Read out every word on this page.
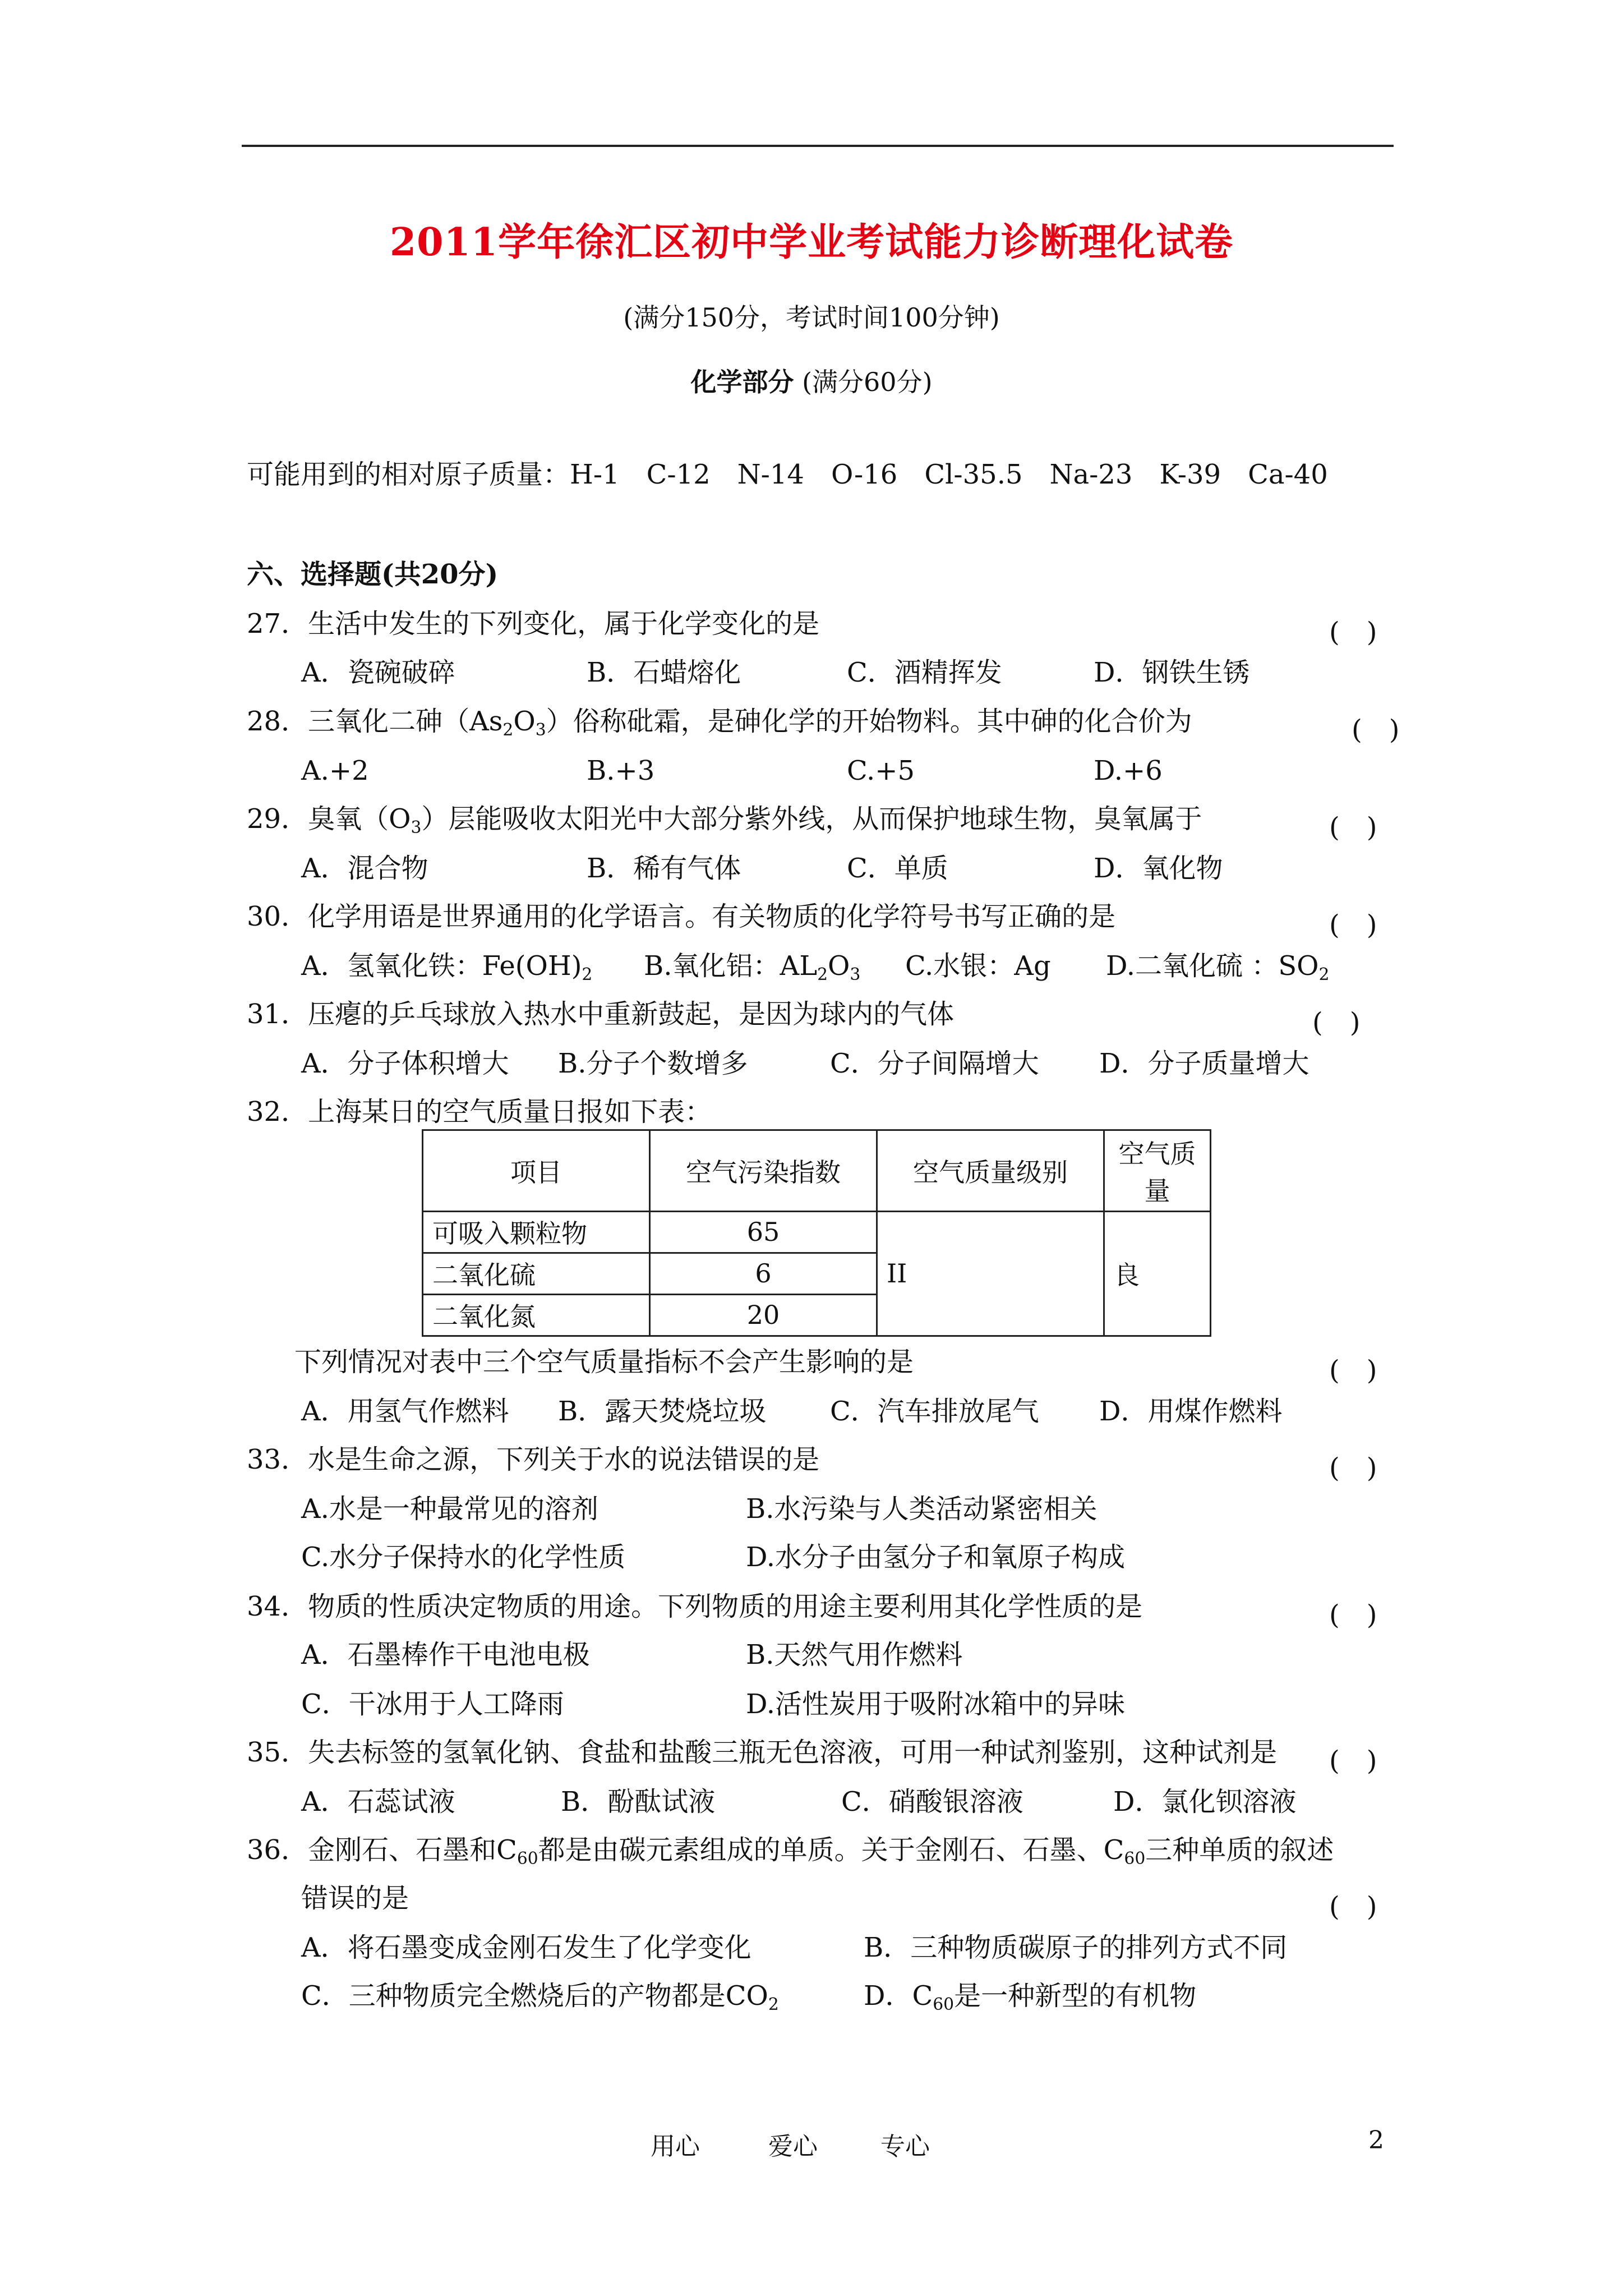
2011学年徐汇区初中学业考试能力诊断理化试卷
(满分150分，考试时间100分钟)
化学部分 (满分60分)
可能用到的相对原子质量：H-1　C-12　N-14　O-16　Cl-35.5　Na-23　K-39　Ca-40
六、选择题(共20分)
27．生活中发生的下列变化，属于化学变化的是	(　)
A．瓷碗破碎	B．石蜡熔化	C．酒精挥发	D．钢铁生锈
28．三氧化二砷$(As_2O_3)$俗称砒霜，是砷化学的开始物料。其中砷的化合价为	(　)
A.+2	B.+3	C.+5	D.+6
29．臭氧$(O_3)$层能吸收太阳光中大部分紫外线，从而保护地球生物，臭氧属于	(　)
A．混合物	B．稀有气体	C．单质	D．氧化物
30．化学用语是世界通用的化学语言。有关物质的化学符号书写正确的是	(　)
A．氢氧化铁：$Fe(OH)_2$ B.氧化铝：$AL_2O_3$ C.水银：Ag D.二氧化硫 ：$SO_2$
31．压瘪的乒乓球放入热水中重新鼓起，是因为球内的气体	(　)
A．分子体积增大 B.分子个数增多	C．分子间隔增大 D．分子质量增大
32．上海某日的空气质量日报如下表：
项目	空气污染指数	空气质量级别	空气质量
可吸入颗粒物	65	II	良
二氧化硫	6		
二氧化氮	20		
下列情况对表中三个空气质量指标不会产生影响的是	(　)
A．用氢气作燃料 B．露天焚烧垃圾 C．汽车排放尾气 D．用煤作燃料
33．水是生命之源，下列关于水的说法错误的是	(　)
A.水是一种最常见的溶剂	B.水污染与人类活动紧密相关
C.水分子保持水的化学性质	D.水分子由氢分子和氧原子构成
34．物质的性质决定物质的用途。下列物质的用途主要利用其化学性质的是	(　)
A．石墨棒作干电池电极	B.天然气用作燃料
C．干冰用于人工降雨	D.活性炭用于吸附冰箱中的异味
35．失去标签的氢氧化钠、食盐和盐酸三瓶无色溶液，可用一种试剂鉴别，这种试剂是 (　)
A．石蕊试液	B．酚酞试液	C．硝酸银溶液	D．氯化钡溶液
36．金刚石、石墨和$C_{60}$都是由碳元素组成的单质。关于金刚石、石墨、$C_{60}$三种单质的叙述
错误的是	(　)
A．将石墨变成金刚石发生了化学变化	B．三种物质碳原子的排列方式不同
C．三种物质完全燃烧后的产物都是$CO_2$	D．$C_{60}$是一种新型的有机物
用心	爱心	专心	2
